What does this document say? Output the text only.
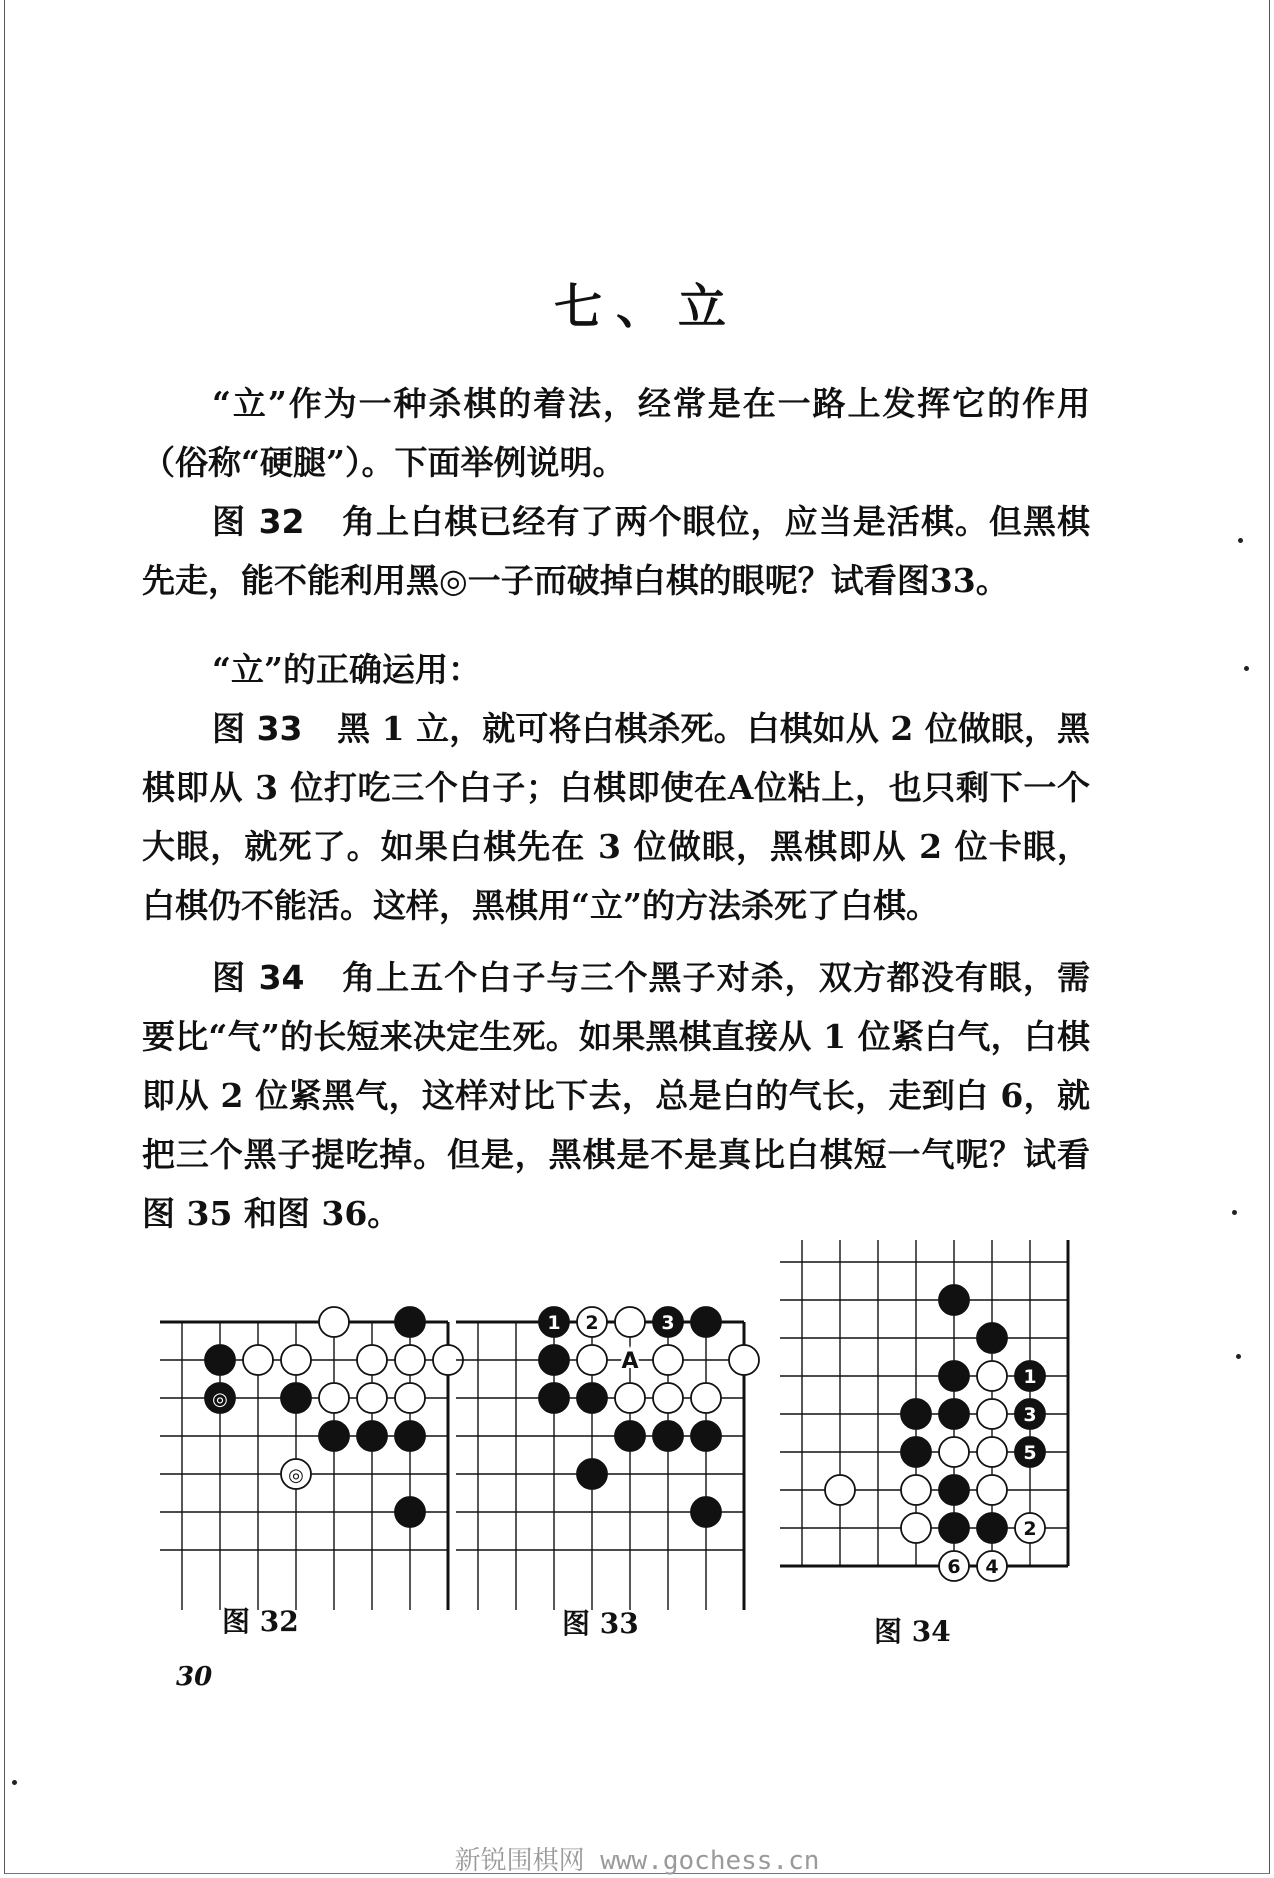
七、立
“立”作为一种杀棋的着法，经常是在一路上发挥它的作用（俗称“硬腿”）。下面举例说明。
图 32 角上白棋已经有了两个眼位，应当是活棋。但黑棋先走，能不能利用黑◎一子而破掉白棋的眼呢？试看图33。
“立”的正确运用：
图 33 黑 1 立，就可将白棋杀死。白棋如从 2 位做眼，黑棋即从 3 位打吃三个白子；白棋即使在A位粘上，也只剩下一个大眼，就死了。如果白棋先在 3 位做眼，黑棋即从 2 位卡眼，白棋仍不能活。这样，黑棋用“立”的方法杀死了白棋。
图 34 角上五个白子与三个黑子对杀，双方都没有眼，需要比“气”的长短来决定生死。如果黑棋直接从 1 位紧白气，白棋即从 2 位紧黑气，这样对比下去，总是白的气长，走到白 6，就把三个黑子提吃掉。但是，黑棋是不是真比白棋短一气呢？试看图 35 和图 36。
◎
◎
A
1 2	3
1
3
5
2
6 4
图 32	图 33	图 34
30
新锐围棋网 www.gochess.cn
